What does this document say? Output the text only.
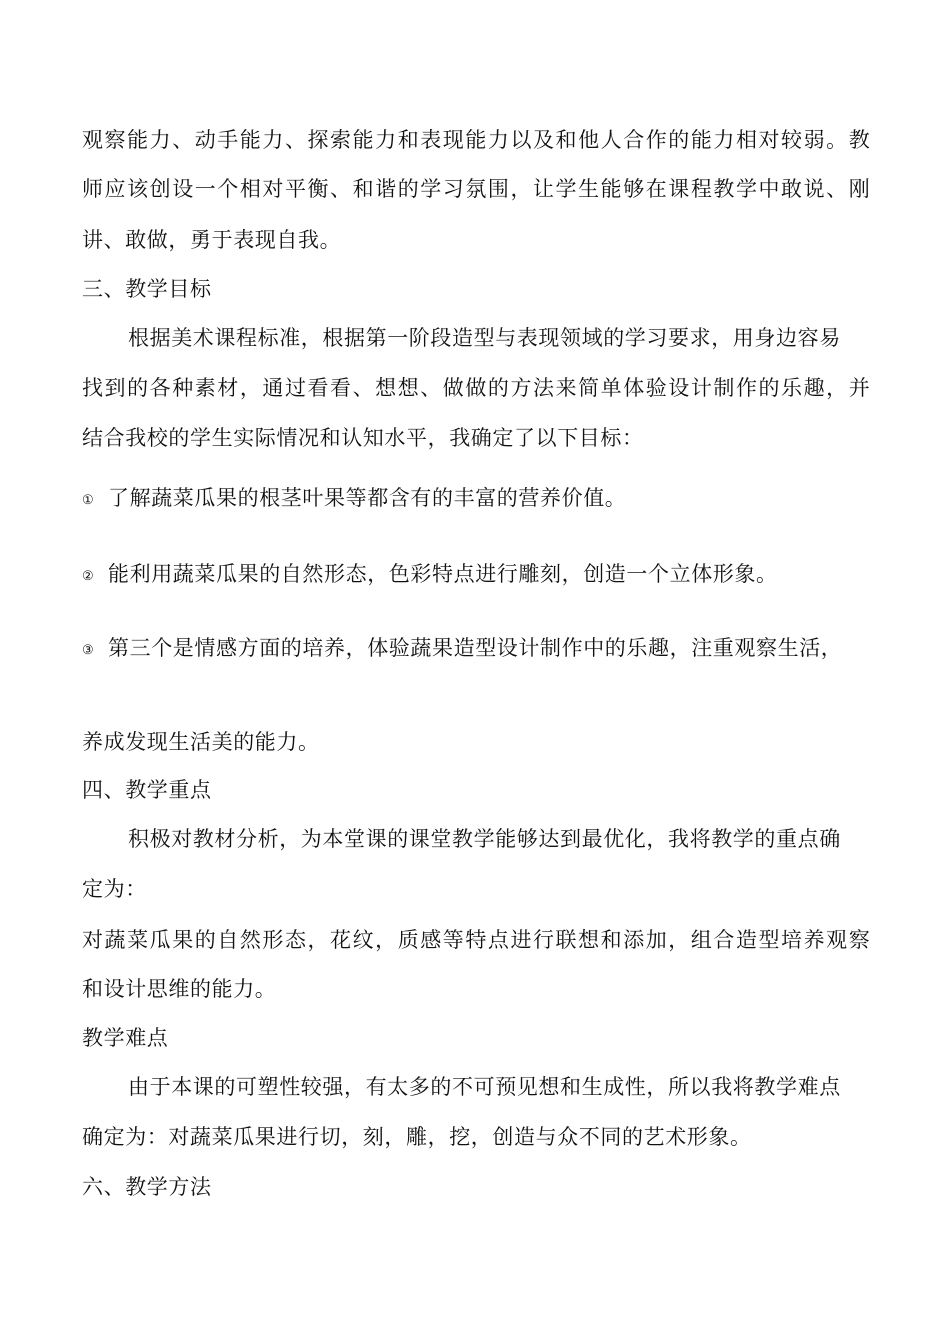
观察能力、动手能力、探索能力和表现能力以及和他人合作的能力相对较弱。教
师应该创设一个相对平衡、和谐的学习氛围，让学生能够在课程教学中敢说、刚
讲、敢做，勇于表现自我。
三、教学目标
根据美术课程标准，根据第一阶段造型与表现领域的学习要求，用身边容易
找到的各种素材，通过看看、想想、做做的方法来简单体验设计制作的乐趣，并
结合我校的学生实际情况和认知水平，我确定了以下目标：
① 了解蔬菜瓜果的根茎叶果等都含有的丰富的营养价值。
② 能利用蔬菜瓜果的自然形态，色彩特点进行雕刻，创造一个立体形象。
③ 第三个是情感方面的培养，体验蔬果造型设计制作中的乐趣，注重观察生活，
养成发现生活美的能力。
四、教学重点
积极对教材分析，为本堂课的课堂教学能够达到最优化，我将教学的重点确
定为：
对蔬菜瓜果的自然形态，花纹，质感等特点进行联想和添加，组合造型培养观察
和设计思维的能力。
教学难点
由于本课的可塑性较强，有太多的不可预见想和生成性，所以我将教学难点
确定为：对蔬菜瓜果进行切，刻，雕，挖，创造与众不同的艺术形象。
六、教学方法
